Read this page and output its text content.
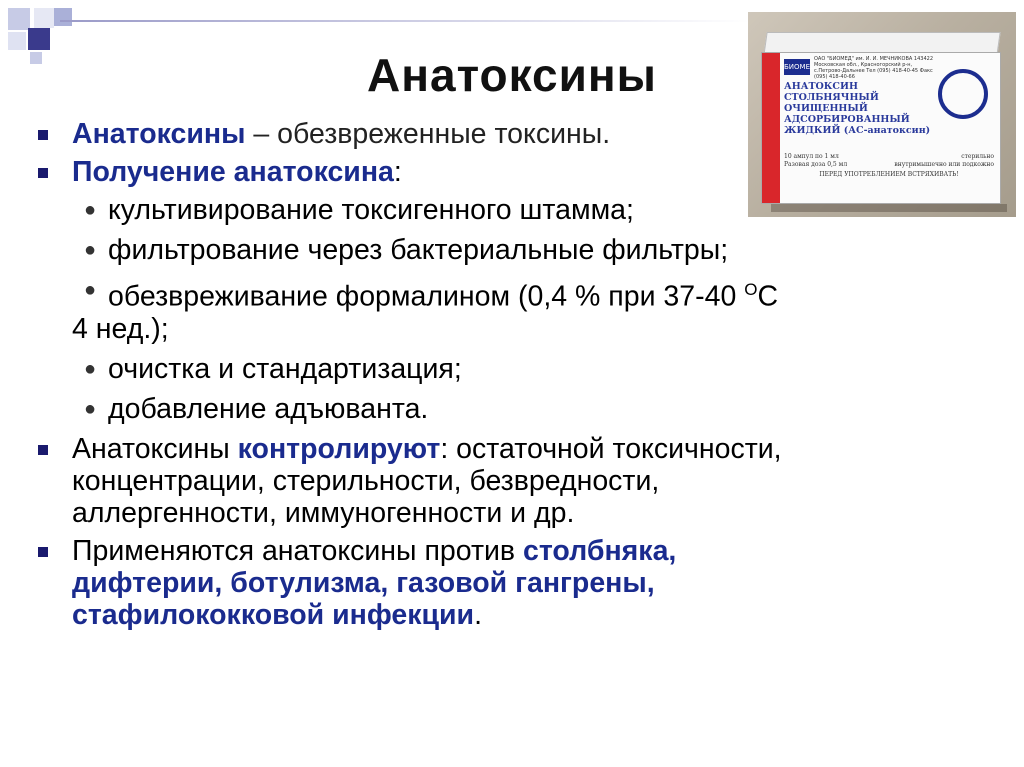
Анатоксины	БИОМЕД
ОАО "БИОМЕД" им. И. И. МЕЧНИКОВА 143422 Московская обл., Красногорский р-н, с.Петрово-Дальнее Тел (095) 418-40-45 Факс (095) 418-40-66
АНАТОКСИН СТОЛБНЯЧНЫЙ ОЧИЩЕННЫЙ АДСОРБИРОВАННЫЙ ЖИДКИЙ (АС-анатоксин)
10 ампул по 1 мл	стерильно
Разовая доза 0,5 мл	внутримышечно или подкожно
ПЕРЕД УПОТРЕБЛЕНИЕМ ВСТРЯХИВАТЬ!
Анатоксины – обезвреженные токсины.
Получение анатоксина:
● культивирование токсигенного штамма;
● фильтрование через бактериальные фильтры;
● обезвреживание формалином (0,4 % при 37-40 $^О$С
4 нед.);
● очистка и стандартизация;
● добавление адъюванта.
Анатоксины контролируют: остаточной токсичности,
концентрации, стерильности, безвредности,
аллергенности, иммуногенности и др.
Применяются анатоксины против столбняка,
дифтерии, ботулизма, газовой гангрены,
стафилококковой инфекции.
